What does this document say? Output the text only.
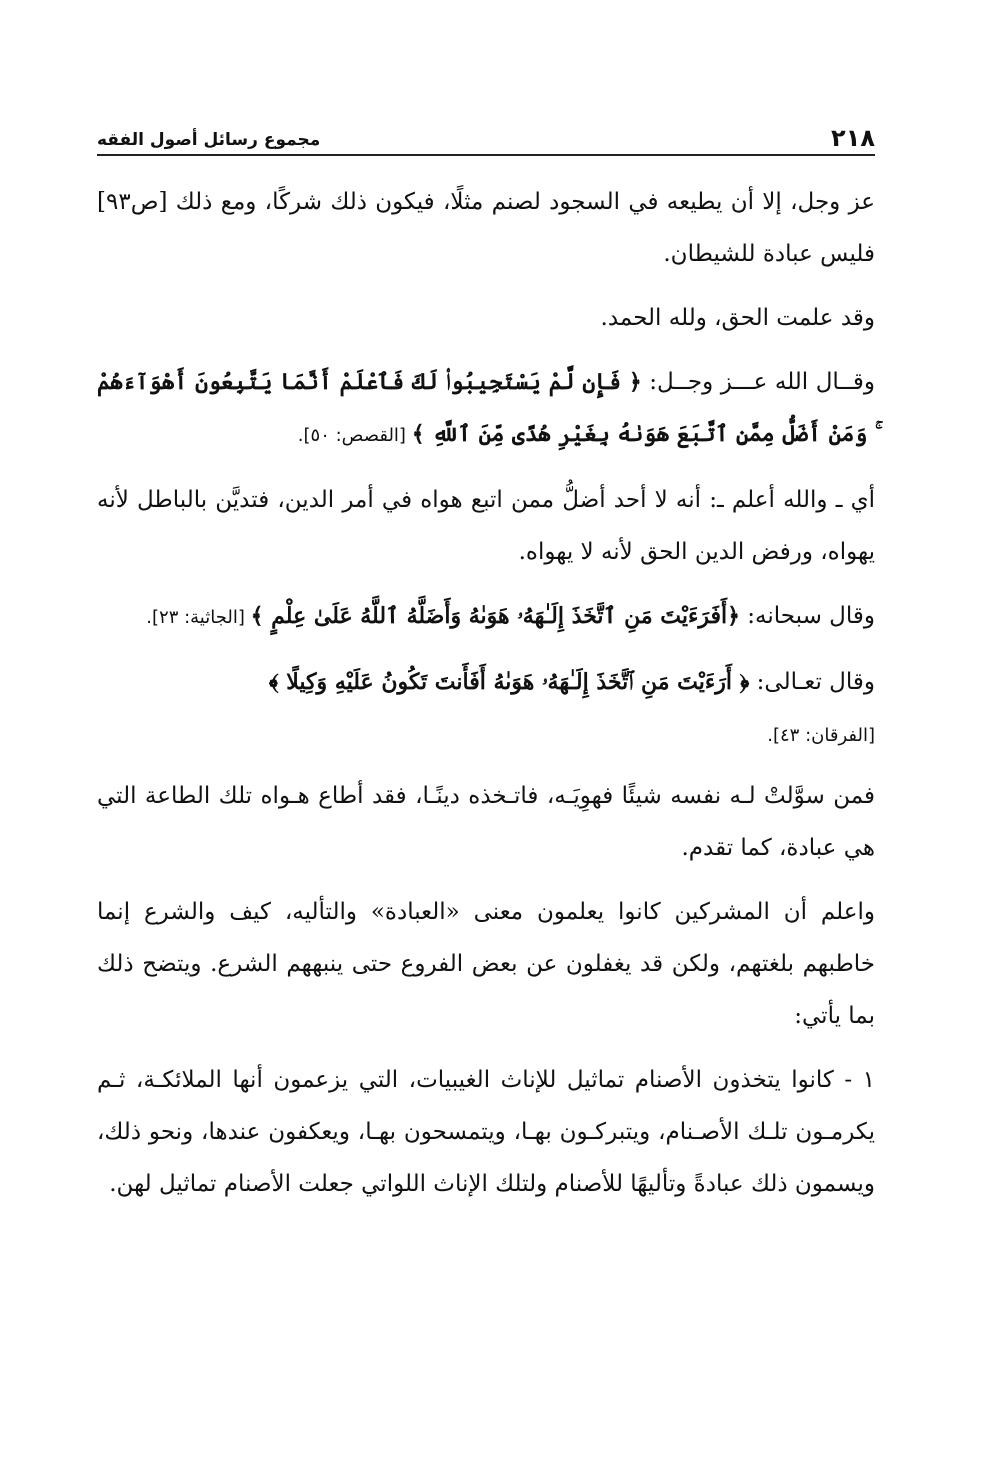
٢١٨
مجموع رسائل أصول الفقه

عز وجل، إلا أن يطيعه في السجود لصنم مثلًا، فيكون ذلك شركًا، ومع ذلك [ص٩٣] فليس عبادة للشيطان.

وقد علمت الحق، ولله الحمد.

وقــال الله عـــز وجــل: ﴿ فَإِن لَّمْ يَسْتَجِيبُوا۟ لَكَ فَٱعْلَمْ أَنَّمَا يَتَّبِعُونَ أَهْوَآءَهُمْ ۚ وَمَنْ أَضَلُّ مِمَّنِ ٱتَّبَعَ هَوَىٰهُ بِغَيْرِ هُدًى مِّنَ ٱللَّهِ ﴾ [القصص: ٥٠].

أي ـ والله أعلم ـ: أنه لا أحد أضلُّ ممن اتبع هواه في أمر الدين، فتديَّن بالباطل لأنه يهواه، ورفض الدين الحق لأنه لا يهواه.

وقال سبحانه: ﴿أَفَرَءَيْتَ مَنِ ٱتَّخَذَ إِلَـٰهَهُۥ هَوَىٰهُ وَأَضَلَّهُ ٱللَّهُ عَلَىٰ عِلْمٍ ﴾ [الجاثية: ٢٣].

وقال تعـالى: ﴿ أَرَءَيْتَ مَنِ ٱتَّخَذَ إِلَـٰهَهُۥ هَوَىٰهُ أَفَأَنتَ تَكُونُ عَلَيْهِ وَكِيلًا ﴾

[الفرقان: ٤٣].

فمن سوَّلتْ لـه نفسه شيئًا فهوِيَـه، فاتـخذه دينًـا، فقد أطاع هـواه تلك الطاعة التي هي عبادة، كما تقدم.

واعلم أن المشركين كانوا يعلمون معنى «العبادة» والتأليه، كيف والشرع إنما خاطبهم بلغتهم، ولكن قد يغفلون عن بعض الفروع حتى ينبههم الشرع. ويتضح ذلك بما يأتي:

١ - كانوا يتخذون الأصنام تماثيل للإناث الغيبيات، التي يزعمون أنها الملائكـة، ثـم يكرمـون تلـك الأصـنام، ويتبركـون بهـا، ويتمسحون بهـا، ويعكفون عندها، ونحو ذلك، ويسمون ذلك عبادةً وتأليهًا للأصنام ولتلك الإناث اللواتي جعلت الأصنام تماثيل لهن.
